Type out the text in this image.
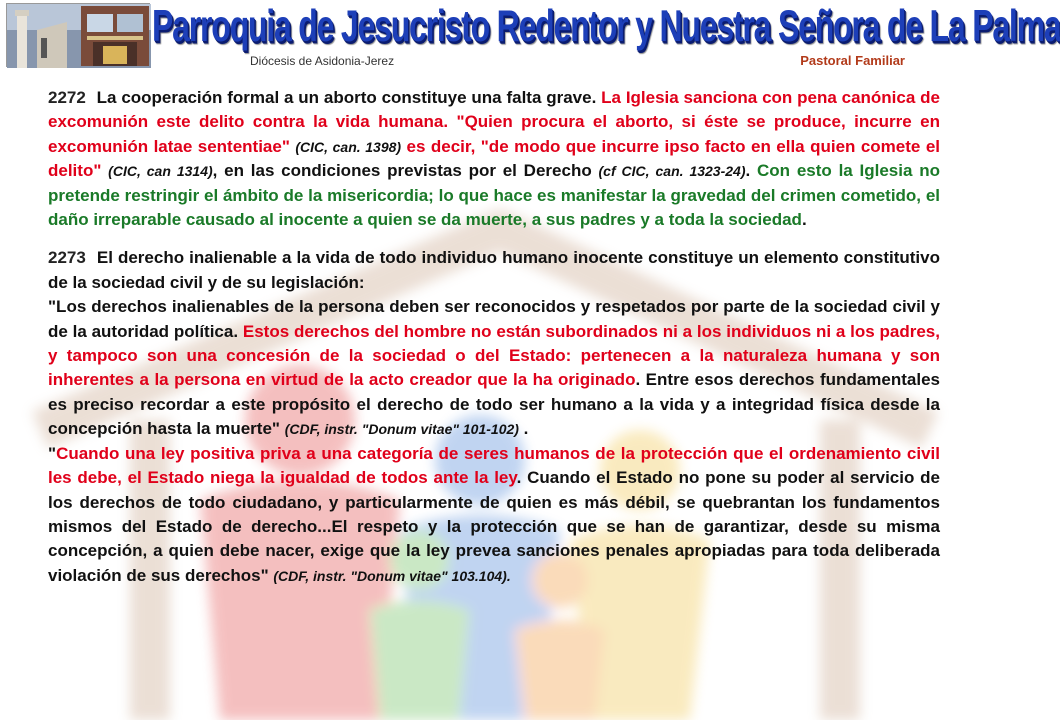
Parroquia de Jesucristo Redentor y Nuestra Señora de La Palma
Diócesis de Asidonia-Jerez	Pastoral Familiar

2272 La cooperación formal a un aborto constituye una falta grave. La Iglesia sanciona con pena canónica de excomunión este delito contra la vida humana. "Quien procura el aborto, si éste se produce, incurre en excomunión latae sententiae" (CIC, can. 1398) es decir, "de modo que incurre ipso facto en ella quien comete el delito" (CIC, can 1314), en las condiciones previstas por el Derecho (cf CIC, can. 1323-24). Con esto la Iglesia no pretende restringir el ámbito de la misericordia; lo que hace es manifestar la gravedad del crimen cometido, el daño irreparable causado al inocente a quien se da muerte, a sus padres y a toda la sociedad.

2273 El derecho inalienable a la vida de todo individuo humano inocente constituye un elemento constitutivo de la sociedad civil y de su legislación:
"Los derechos inalienables de la persona deben ser reconocidos y respetados por parte de la sociedad civil y de la autoridad política. Estos derechos del hombre no están subordinados ni a los individuos ni a los padres, y tampoco son una concesión de la sociedad o del Estado: pertenecen a la naturaleza humana y son inherentes a la persona en virtud de la acto creador que la ha originado. Entre esos derechos fundamentales es preciso recordar a este propósito el derecho de todo ser humano a la vida y a integridad física desde la concepción hasta la muerte" (CDF, instr. "Donum vitae" 101-102) .
"Cuando una ley positiva priva a una categoría de seres humanos de la protección que el ordenamiento civil les debe, el Estado niega la igualdad de todos ante la ley. Cuando el Estado no pone su poder al servicio de los derechos de todo ciudadano, y particularmente de quien es más débil, se quebrantan los fundamentos mismos del Estado de derecho...El respeto y la protección que se han de garantizar, desde su misma concepción, a quien debe nacer, exige que la ley prevea sanciones penales apropiadas para toda deliberada violación de sus derechos" (CDF, instr. "Donum vitae" 103.104).
